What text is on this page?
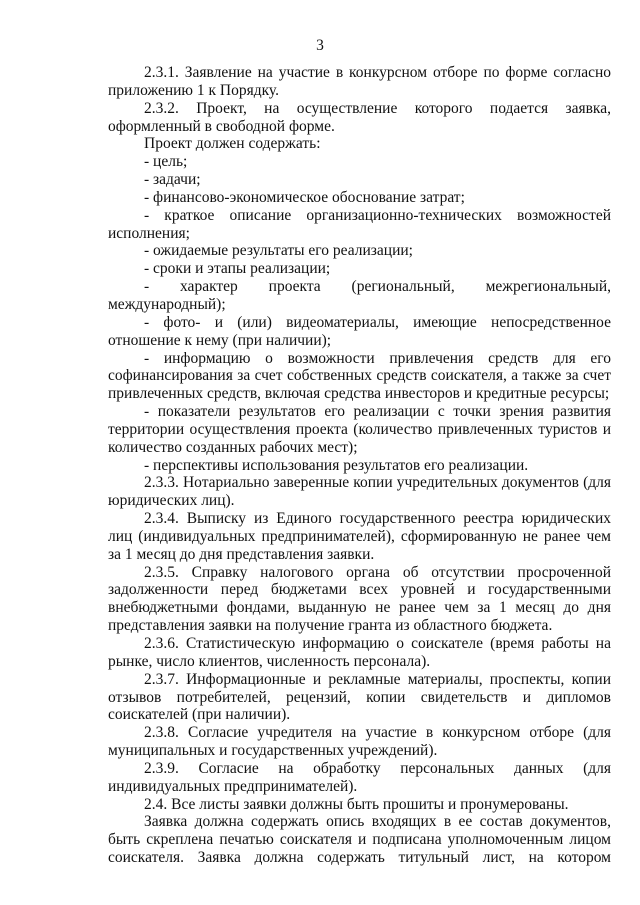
3

2.3.1. Заявление на участие в конкурсном отборе по форме согласно приложению 1 к Порядку.

2.3.2. Проект, на осуществление которого подается заявка, оформленный в свободной форме.

Проект должен содержать:

- цель;

- задачи;

- финансово-экономическое обоснование затрат;

- краткое описание организационно-технических возможностей исполнения;

- ожидаемые результаты его реализации;

- сроки и этапы реализации;

- характер проекта (региональный, межрегиональный, международный);

- фото- и (или) видеоматериалы, имеющие непосредственное отношение к нему (при наличии);

- информацию о возможности привлечения средств для его софинансирования за счет собственных средств соискателя, а также за счет привлеченных средств, включая средства инвесторов и кредитные ресурсы;

- показатели результатов его реализации с точки зрения развития территории осуществления проекта (количество привлеченных туристов и количество созданных рабочих мест);

- перспективы использования результатов его реализации.

2.3.3. Нотариально заверенные копии учредительных документов (для юридических лиц).

2.3.4. Выписку из Единого государственного реестра юридических лиц (индивидуальных предпринимателей), сформированную не ранее чем за 1 месяц до дня представления заявки.

2.3.5. Справку налогового органа об отсутствии просроченной задолженности перед бюджетами всех уровней и государственными внебюджетными фондами, выданную не ранее чем за 1 месяц до дня представления заявки на получение гранта из областного бюджета.

2.3.6. Статистическую информацию о соискателе (время работы на рынке, число клиентов, численность персонала).

2.3.7. Информационные и рекламные материалы, проспекты, копии отзывов потребителей, рецензий, копии свидетельств и дипломов соискателей (при наличии).

2.3.8. Согласие учредителя на участие в конкурсном отборе (для муниципальных и государственных учреждений).

2.3.9. Согласие на обработку персональных данных (для индивидуальных предпринимателей).

2.4. Все листы заявки должны быть прошиты и пронумерованы.

Заявка должна содержать опись входящих в ее состав документов, быть скреплена печатью соискателя и подписана уполномоченным лицом соискателя. Заявка должна содержать титульный лист, на котором
